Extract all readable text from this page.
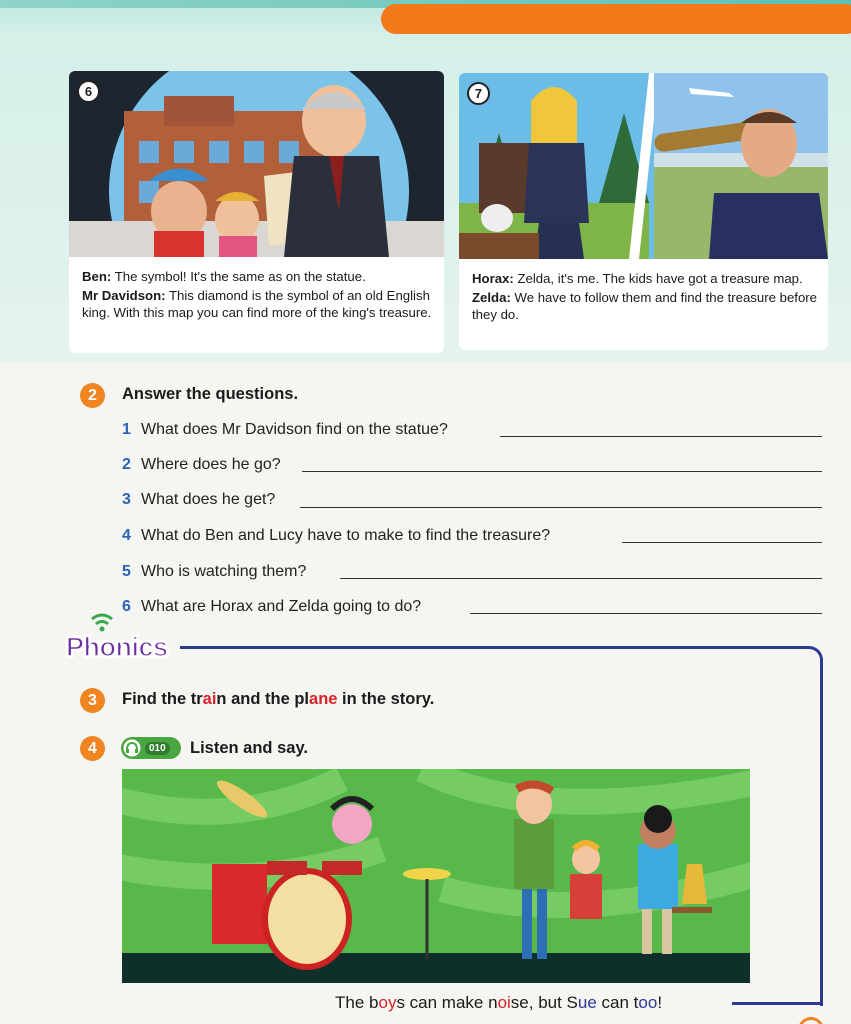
6
Ben: The symbol! It's the same as on the statue.
Mr Davidson: This diamond is the symbol of an old English king. With this map you can find more of the king's treasure.
7
Horax: Zelda, it's me. The kids have got a treasure map.
Zelda: We have to follow them and find the treasure before they do.
2	Answer the questions.
1 What does Mr Davidson find on the statue?
2 Where does he go?
3 What does he get?
4 What do Ben and Lucy have to make to find the treasure?
5 Who is watching them?
6 What are Horax and Zelda going to do?
Phonics
3	Find the train and the plane in the story.
4	010 Listen and say.
The boys can make noise, but Sue can too!
